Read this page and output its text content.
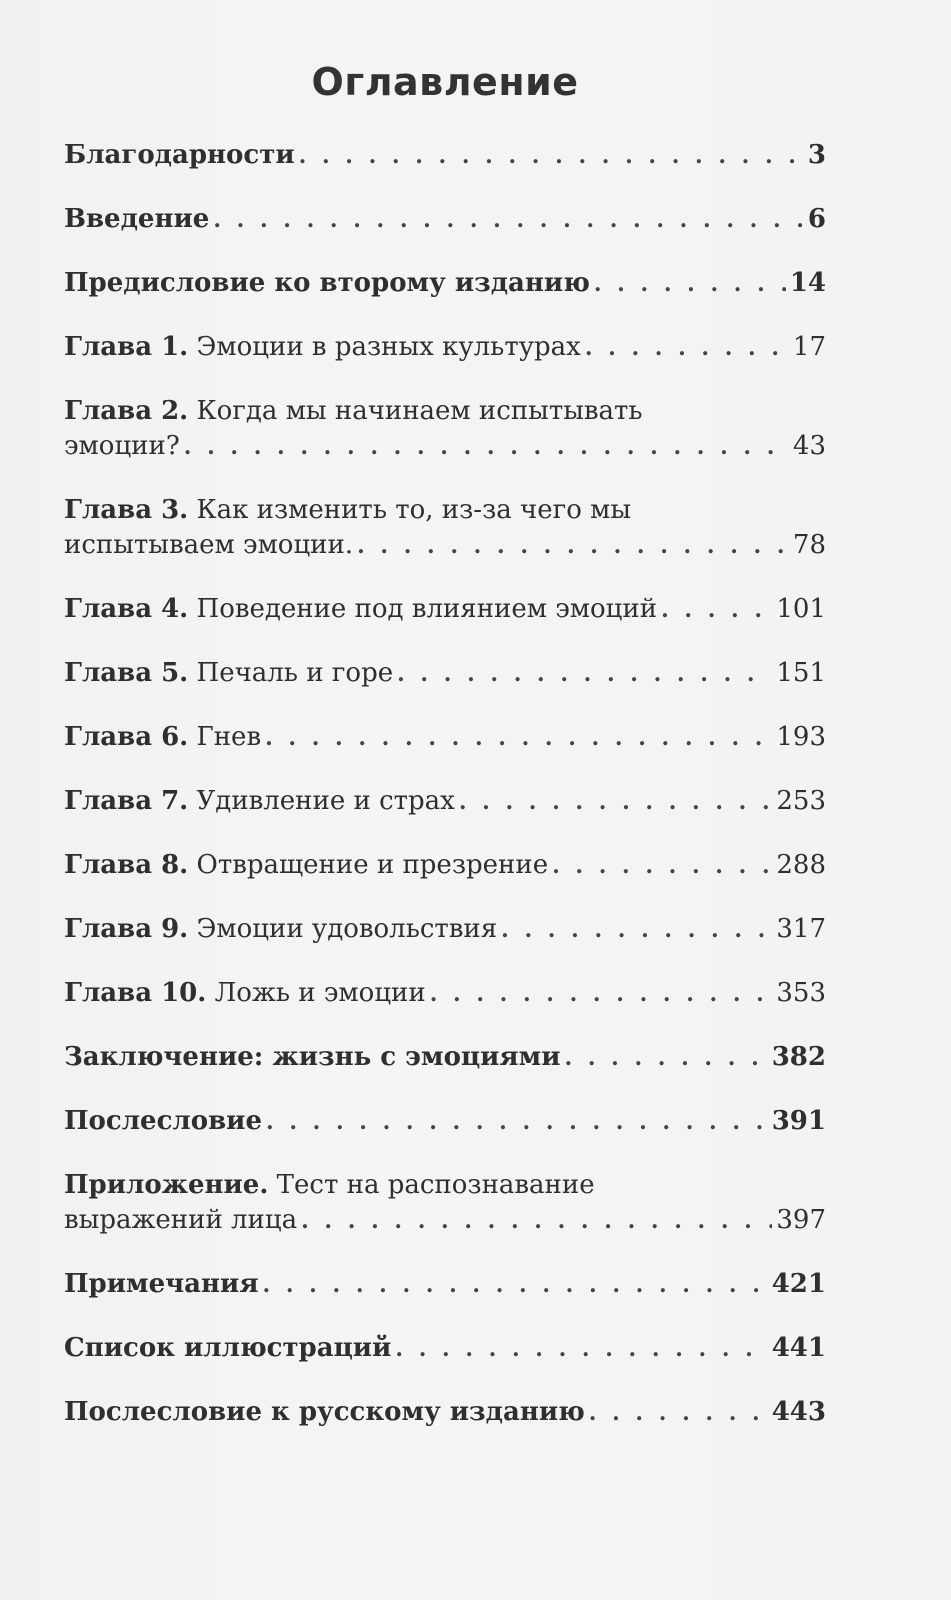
Оглавление
Благодарности . . .	3
Введение . . .	6
Предисловие ко второму изданию . . .	14
Глава 1. Эмоции в разных культурах . . .	17
Глава 2. Когда мы начинаем испытывать
эмоции? . . .	43
Глава 3. Как изменить то, из-за чего мы
испытываем эмоции. . . .	78
Глава 4. Поведение под влиянием эмоций . . .	101
Глава 5. Печаль и горе . . .	151
Глава 6. Гнев . . .	193
Глава 7. Удивление и страх . . .	253
Глава 8. Отвращение и презрение . . .	288
Глава 9. Эмоции удовольствия . . .	317
Глава 10. Ложь и эмоции . . .	353
Заключение: жизнь с эмоциями . . .	382
Послесловие . . .	391
Приложение. Тест на распознавание
выражений лица . . .	397
Примечания . . .	421
Список иллюстраций . . .	441
Послесловие к русскому изданию . . .	443
